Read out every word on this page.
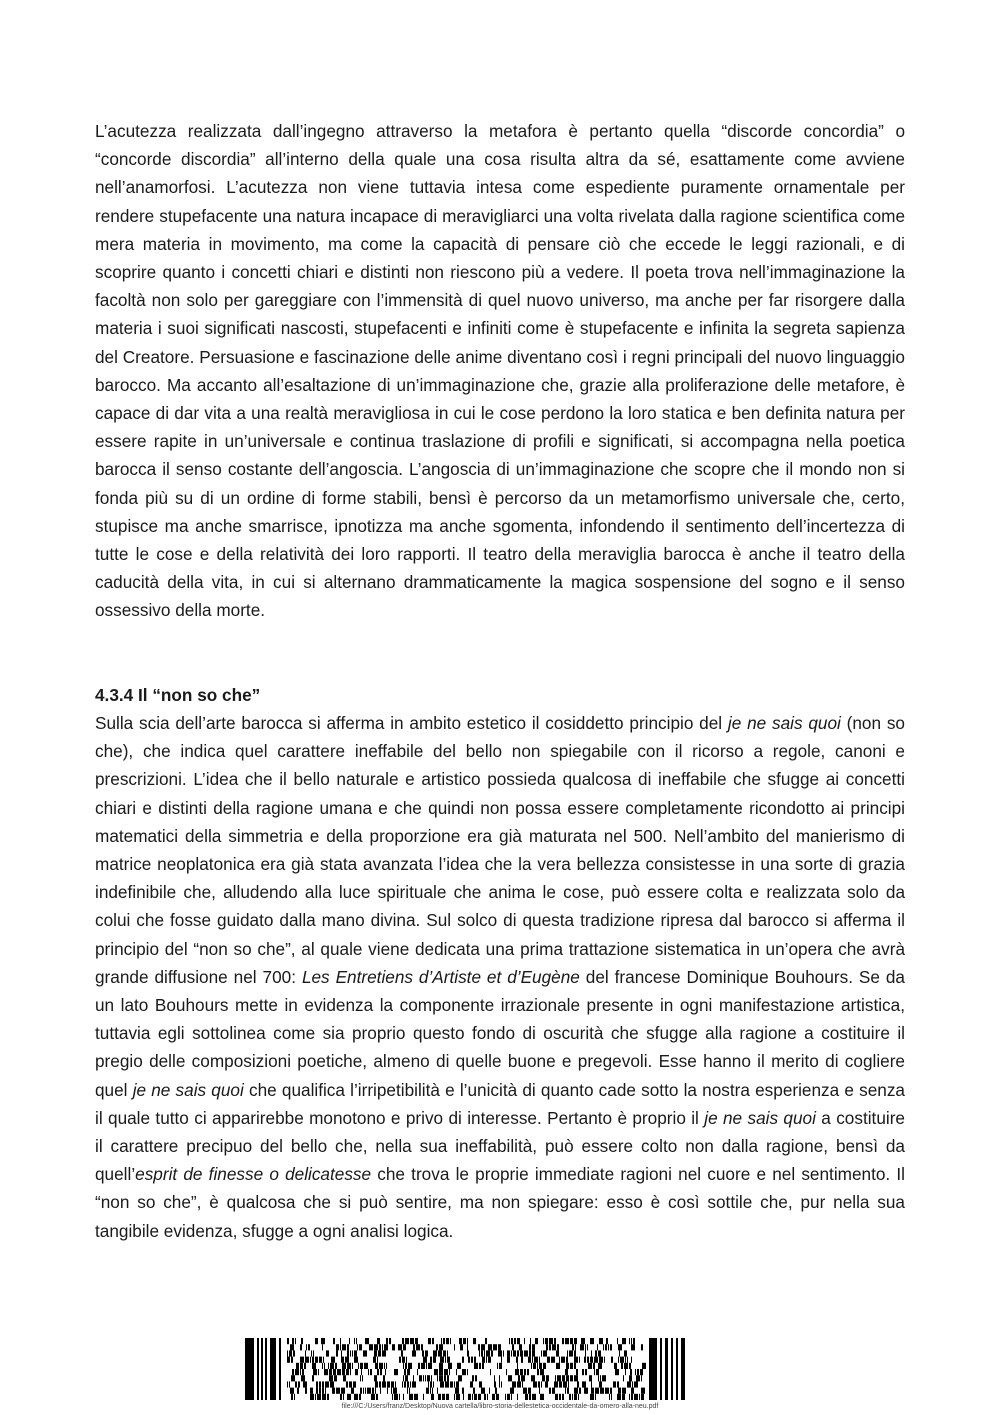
L’acutezza realizzata dall’ingegno attraverso la metafora è pertanto quella “discorde concordia” o “concorde discordia” all’interno della quale una cosa risulta altra da sé, esattamente come avviene nell’anamorfosi. L’acutezza non viene tuttavia intesa come espediente puramente ornamentale per rendere stupefacente una natura incapace di meravigliarci una volta rivelata dalla ragione scientifica come mera materia in movimento, ma come la capacità di pensare ciò che eccede le leggi razionali, e di scoprire quanto i concetti chiari e distinti non riescono più a vedere. Il poeta trova nell’immaginazione la facoltà non solo per gareggiare con l’immensità di quel nuovo universo, ma anche per far risorgere dalla materia i suoi significati nascosti, stupefacenti e infiniti come è stupefacente e infinita la segreta sapienza del Creatore. Persuasione e fascinazione delle anime diventano così i regni principali del nuovo linguaggio barocco. Ma accanto all’esaltazione di un’immaginazione che, grazie alla proliferazione delle metafore, è capace di dar vita a una realtà meravigliosa in cui le cose perdono la loro statica e ben definita natura per essere rapite in un’universale e continua traslazione di profili e significati, si accompagna nella poetica barocca il senso costante dell’angoscia. L’angoscia di un’immaginazione che scopre che il mondo non si fonda più su di un ordine di forme stabili, bensì è percorso da un metamorfismo universale che, certo, stupisce ma anche smarrisce, ipnotizza ma anche sgomenta, infondendo il sentimento dell’incertezza di tutte le cose e della relatività dei loro rapporti. Il teatro della meraviglia barocca è anche il teatro della caducità della vita, in cui si alternano drammaticamente la magica sospensione del sogno e il senso ossessivo della morte.

4.3.4 Il “non so che”

Sulla scia dell’arte barocca si afferma in ambito estetico il cosiddetto principio del je ne sais quoi (non so che), che indica quel carattere ineffabile del bello non spiegabile con il ricorso a regole, canoni e prescrizioni. L’idea che il bello naturale e artistico possieda qualcosa di ineffabile che sfugge ai concetti chiari e distinti della ragione umana e che quindi non possa essere completamente ricondotto ai principi matematici della simmetria e della proporzione era già maturata nel 500. Nell’ambito del manierismo di matrice neoplatonica era già stata avanzata l’idea che la vera bellezza consistesse in una sorte di grazia indefinibile che, alludendo alla luce spirituale che anima le cose, può essere colta e realizzata solo da colui che fosse guidato dalla mano divina. Sul solco di questa tradizione ripresa dal barocco si afferma il principio del “non so che”, al quale viene dedicata una prima trattazione sistematica in un’opera che avrà grande diffusione nel 700: Les Entretiens d’Artiste et d’Eugène del francese Dominique Bouhours. Se da un lato Bouhours mette in evidenza la componente irrazionale presente in ogni manifestazione artistica, tuttavia egli sottolinea come sia proprio questo fondo di oscurità che sfugge alla ragione a costituire il pregio delle composizioni poetiche, almeno di quelle buone e pregevoli. Esse hanno il merito di cogliere quel je ne sais quoi che qualifica l’irripetibilità e l’unicità di quanto cade sotto la nostra esperienza e senza il quale tutto ci apparirebbe monotono e privo di interesse. Pertanto è proprio il je ne sais quoi a costituire il carattere precipuo del bello che, nella sua ineffabilità, può essere colto non dalla ragione, bensì da quell’esprit de finesse o delicatesse che trova le proprie immediate ragioni nel cuore e nel sentimento. Il “non so che”, è qualcosa che si può sentire, ma non spiegare: esso è così sottile che, pur nella sua tangibile evidenza, sfugge a ogni analisi logica.

file:///C:/Users/franz/Desktop/Nuova cartella/libro-storia-dellestetica-occidentale-da-omero-alla-neu.pdf
